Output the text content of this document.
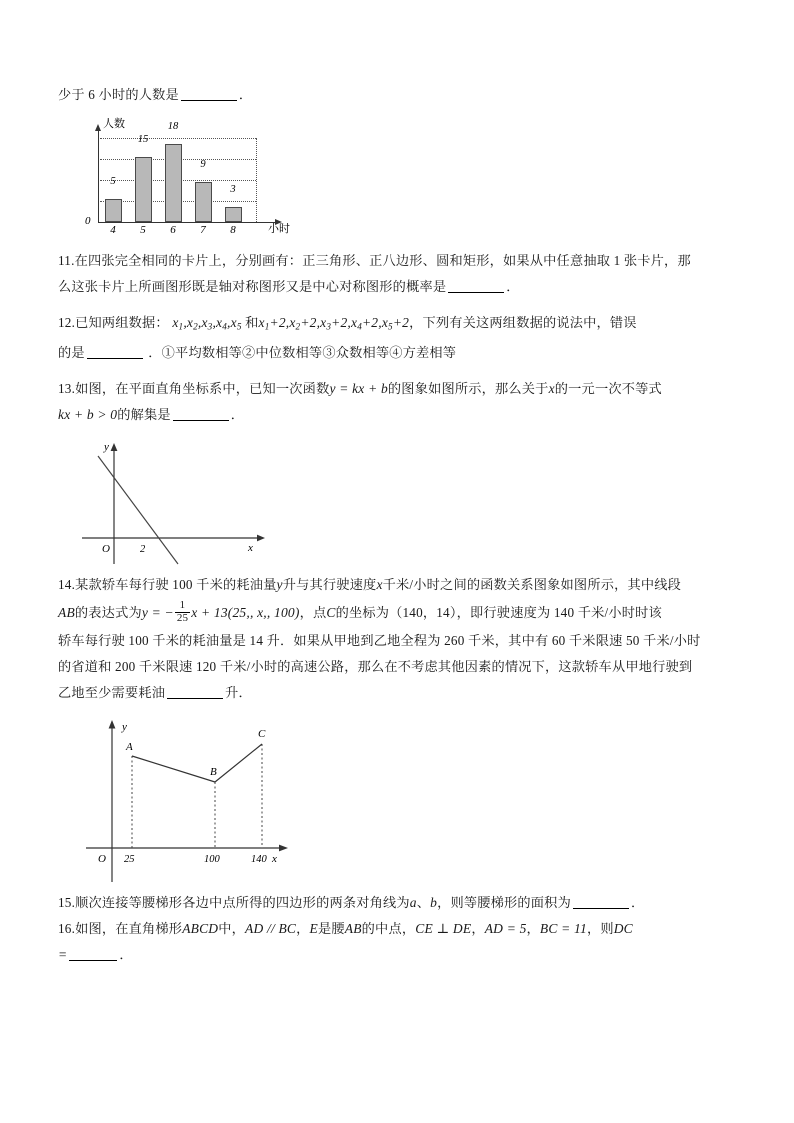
少于 6 小时的人数是	．
人数
小时
0
5
15
18
9
3
4	5	6	7	8
11.在四张完全相同的卡片上，分别画有：正三角形、正八边形、圆和矩形，如果从中任意抽取 1 张卡片，那
么这张卡片上所画图形既是轴对称图形又是中心对称图形的概率是	．
12.已知两组数据： $x_1,x_2,x_3,x_4,x_5$ 和$x_1+2,x_2+2,x_3+2,x_4+2,x_5+2$，下列有关这两组数据的说法中，错误
的是	．①平均数相等②中位数相等③众数相等④方差相等
13.如图，在平面直角坐标系中，已知一次函数y = kx + b的图象如图所示，那么关于x的一元一次不等式
kx + b > 0的解集是	．
y
x
O	2
14.某款轿车每行驶 100 千米的耗油量y升与其行驶速度x千米/小时之间的函数关系图象如图所示，其中线段
AB的表达式为y = − $\frac{1}{25}$ x + 13(25,, x,, 100)，点C的坐标为（140，14），即行驶速度为 140 千米/小时时该
轿车每行驶 100 千米的耗油量是 14 升．如果从甲地到乙地全程为 260 千米，其中有 60 千米限速 50 千米/小时
的省道和 200 千米限速 120 千米/小时的高速公路，那么在不考虑其他因素的情况下，这款轿车从甲地行驶到
乙地至少需要耗油	升．
A
B
C
y
x
O 25	100	140
15.顺次连接等腰梯形各边中点所得的四边形的两条对角线为a、b，则等腰梯形的面积为	．
16.如图，在直角梯形ABCD中，AD // BC，E是腰AB的中点，CE ⊥ DE，AD = 5，BC = 11，则DC
=	．
